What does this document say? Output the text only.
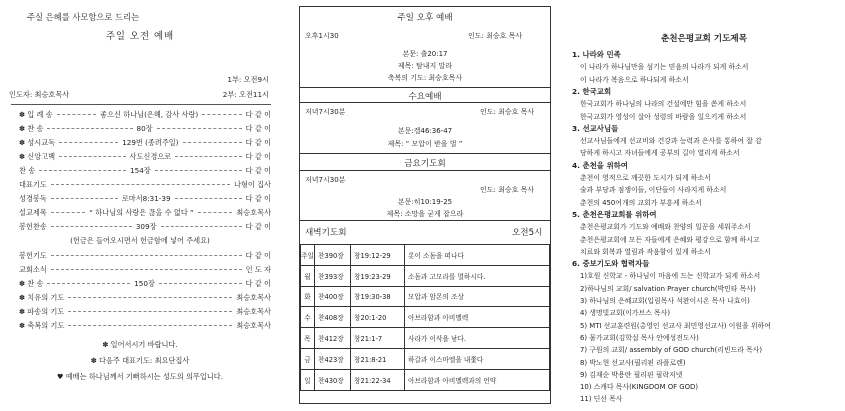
주실 은혜를 사모함으로 드리는
주일 오전 예배
1부: 오전9시
인도자: 최승호목사	2부: 오전11시
✽ 입 례 송	좋으신 하나님(은혜, 감사 사랑)	다 같 이
✽ 찬 송	80장	다 같 이
✽ 성시교독	129번 (종려주일)	다 같 이
✽ 신앙고백	사도신경으로	다 같 이
찬 송	154장	다 같 이
대표기도	나형이 집사
성경봉독	로마서8:31-39	다 같 이
설교제목	“ 하나님의 사랑은 끊을 수 없다 ”	최승호목사
봉헌찬송	309장	다 같 이
(헌금은 들어오시면서 헌금함에 넣어 주세요)
봉헌기도	다 같 이
교회소식	인 도 자
✽ 찬 송	150장	다 같 이
✽ 치유의 기도	최승호목사
✽ 파송의 기도	최승호목사
✽ 축복의 기도	최승호목사
주일 오후 예배
오후1시30	인도: 최승호 목사
본문: 출20:17
제목: 탐내지 말라
축복의 기도: 최승호목사
수요예배
저녁7시30분	인도: 최승호 목사
본문:겔46:36-47
제목: “ 모압이 받을 벌 ”
금요기도회
저녁7시30분
인도: 최승호 목사
본문:히10:19-25
제목: 소망을 굳게 잡으라
새벽기도회	오전5시
주일	찬390장	창19:12-29	롯이 소돔을 떠나다
월	찬393장	창19:23-29	소돔과 고모라를 멸하시다.
화	찬400장	창19:30-38	모압과 암몬의 조상
수	찬408장	창20:1-20	아브라함과 아비멜렉
목	찬412장	창21:1-7	사라가 이삭을 낳다.
금	찬423장	창21:8-21	하갈과 이스마엘을 내쫓다
일	찬430장	창21:22-34	아브라함과 아비멜렉과의 언약
춘천은평교회 기도제목
1. 나라와 민족
이 나라가 하나님만을 섬기는 믿음의 나라가 되게 하소서
이 나라가 복음으로 하나되게 하소서
2. 한국교회
한국교회가 하나님의 나라의 건설에만 힘을 쏟게 하소서
한국교회가 영성이 살아 성령의 바람을 일으키게 하소서
3. 선교사님들
선교사님들에게 선교비와 건강과 능력과 은사를 통하여 잘 감
당하게 하시고 자녀들에게 공부의 길이 열리게 하소서
4. 춘천을 위하여
춘천이 영적으로 깨끗한 도시가 되게 하소서
술과 부당과 점쟁이들, 이단들이 사라지게 하소서
춘천의 450여개의 교회가 부흥케 하소서
5. 춘천은평교회를 위하여
춘천은평교회가 기도와 예배와 찬양의 일꾼을 세워주소서
춘천은평교회에 모든 자들에게 은혜와 평강으로 함께 하시고
치료와 회복과 열림과 작음함이 있게 하소서
6. 중보기도와 협력자들
1)호원 신학교 - 하나님이 마음에 드는 신학교가 되게 하소서
2)하나님의 교회/ salvation Prayer church(박민타 목사)
3) 하나님의 은혜교회(입림목사 석완이시온 목사 나효이)
4) 생명빛교회(이가브스 목사)
5) MTI 선교훈련원(총영인 선교사 최민영선교사) 이원을 위하여
6) 물가교회(김학섭 목사 안예성전도사)
7) 구원의 교회/ assembly of GOD church(리빈드라 목사)
8) 박노현 선교사(필리핀 라플로렌)
9) 김재순 박용란 필리핀 필락저넷
10) 스캐다 목사(KINGDOM OF GOD)
11) 딘선 목사
✽ 일어서시기 바랍니다.
✽ 다음주 대표기도: 최요단집사
♥ 예배는 하나님께서 기뻐하시는 성도의 의무입니다.
